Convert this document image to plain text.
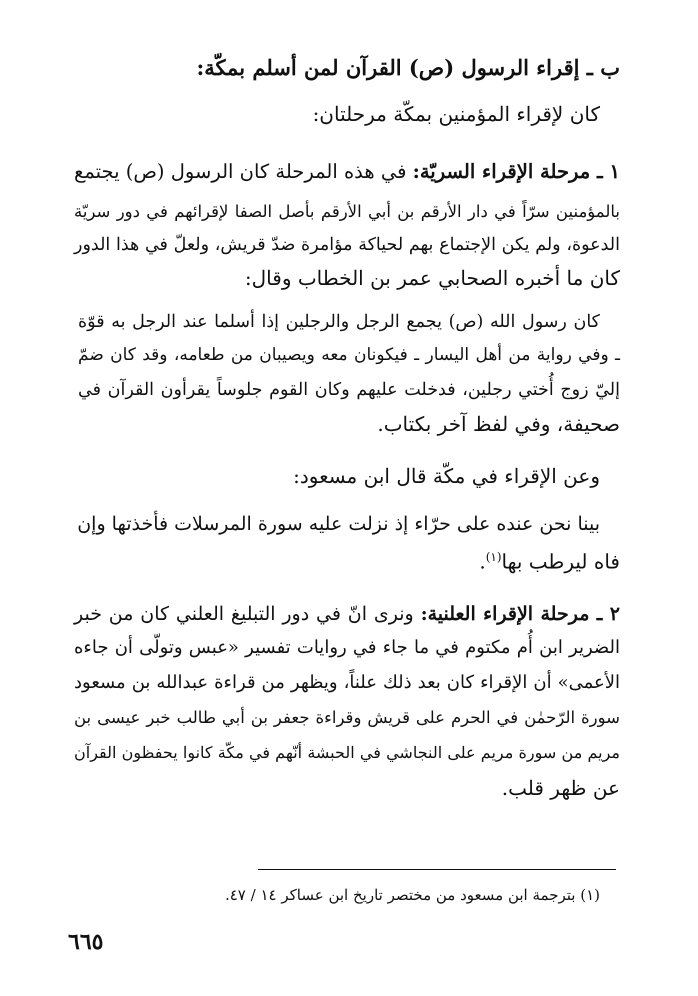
ب ـ إقراء الرسول (ص) القرآن لمن أسلم بمكّة:
كان لإقراء المؤمنين بمكّة مرحلتان:
١ ـ مرحلة الإقراء السريّة: في هذه المرحلة كان الرسول (ص) يجتمع
بالمؤمنين سرّاً في دار الأرقم بن أبي الأرقم بأصل الصفا لإقرائهم في دور سريّة
الدعوة، ولم يكن الإجتماع بهم لحياكة مؤامرة ضدّ قريش، ولعلّ في هذا الدور
كان ما أخبره الصحابي عمر بن الخطاب وقال:
كان رسول الله (ص) يجمع الرجل والرجلين إذا أسلما عند الرجل به قوّة
ـ وفي رواية من أهل اليسار ـ فيكونان معه ويصيبان من طعامه، وقد كان ضمّ
إليّ زوج أُختي رجلين، فدخلت عليهم وكان القوم جلوساً يقرأون القرآن في
صحيفة، وفي لفظ آخر بكتاب.
وعن الإقراء في مكّة قال ابن مسعود:
بينا نحن عنده على حرّاء إذ نزلت عليه سورة المرسلات فأخذتها وإن
فاه ليرطب بها$^{(١)}$.
٢ ـ مرحلة الإقراء العلنية: ونرى انّ في دور التبليغ العلني كان من خبر
الضرير ابن أُم مكتوم في ما جاء في روايات تفسير «عبس وتولّى أن جاءه
الأعمى» أن الإقراء كان بعد ذلك علناً، ويظهر من قراءة عبدالله بن مسعود
سورة الرّحمٰن في الحرم على قريش وقراءة جعفر بن أبي طالب خبر عيسى بن
مريم من سورة مريم على النجاشي في الحبشة أنّهم في مكّة كانوا يحفظون القرآن
عن ظهر قلب.
(١) بترجمة ابن مسعود من مختصر تاريخ ابن عساكر ١٤ / ٤٧.
٦٦٥
